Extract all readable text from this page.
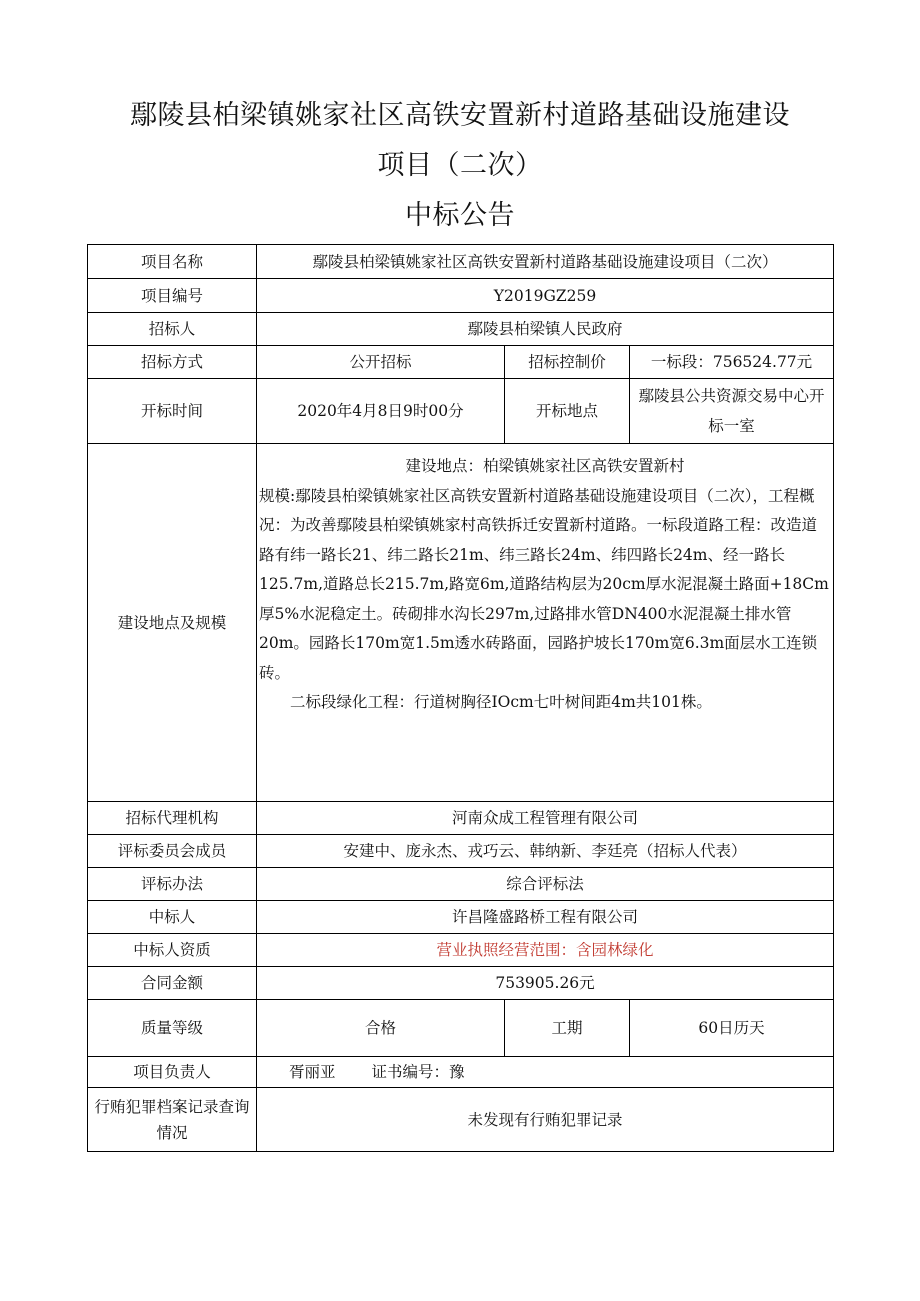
鄢陵县柏梁镇姚家社区高铁安置新村道路基础设施建设
项目（二次）
中标公告
项目名称	鄢陵县柏梁镇姚家社区高铁安置新村道路基础设施建设项目（二次）		
项目编号	Y2019GZ259		
招标人	鄢陵县柏梁镇人民政府		
招标方式	公开招标	招标控制价	一标段：756524.77元
开标时间	2020年4月8日9时00分	开标地点	鄢陵县公共资源交易中心开标一室
建设地点及规模	建设地点：柏梁镇姚家社区高铁安置新村

规模:鄢陵县柏梁镇姚家社区高铁安置新村道路基础设施建设项目（二次），工程概况：为改善鄢陵县柏梁镇姚家村高铁拆迁安置新村道路。一标段道路工程：改造道路有纬一路长21、纬二路长21m、纬三路长24m、纬四路长24m、经一路长125.7m,道路总长215.7m,路宽6m,道路结构层为20cm厚水泥混凝土路面+18Cm厚5%水泥稳定土。砖砌排水沟长297m,过路排水管DN400水泥混凝土排水管20m。园路长170m宽1.5m透水砖路面，园路护坡长170m宽6.3m面层水工连锁砖。

二标段绿化工程：行道树胸径IOcm七叶树间距4m共101株。		

招标代理机构	河南众成工程管理有限公司		
评标委员会成员	安建中、庞永杰、戎巧云、韩纳新、李廷亮（招标人代表）		
评标办法	综合评标法		
中标人	许昌隆盛路桥工程有限公司		
中标人资质	营业执照经营范围：含园林绿化		
合同金额	753905.26元		
质量等级	合格	工期	60日历天
项目负责人	胥丽亚 证书编号：豫		
行贿犯罪档案记录查询情况	未发现有行贿犯罪记录		
